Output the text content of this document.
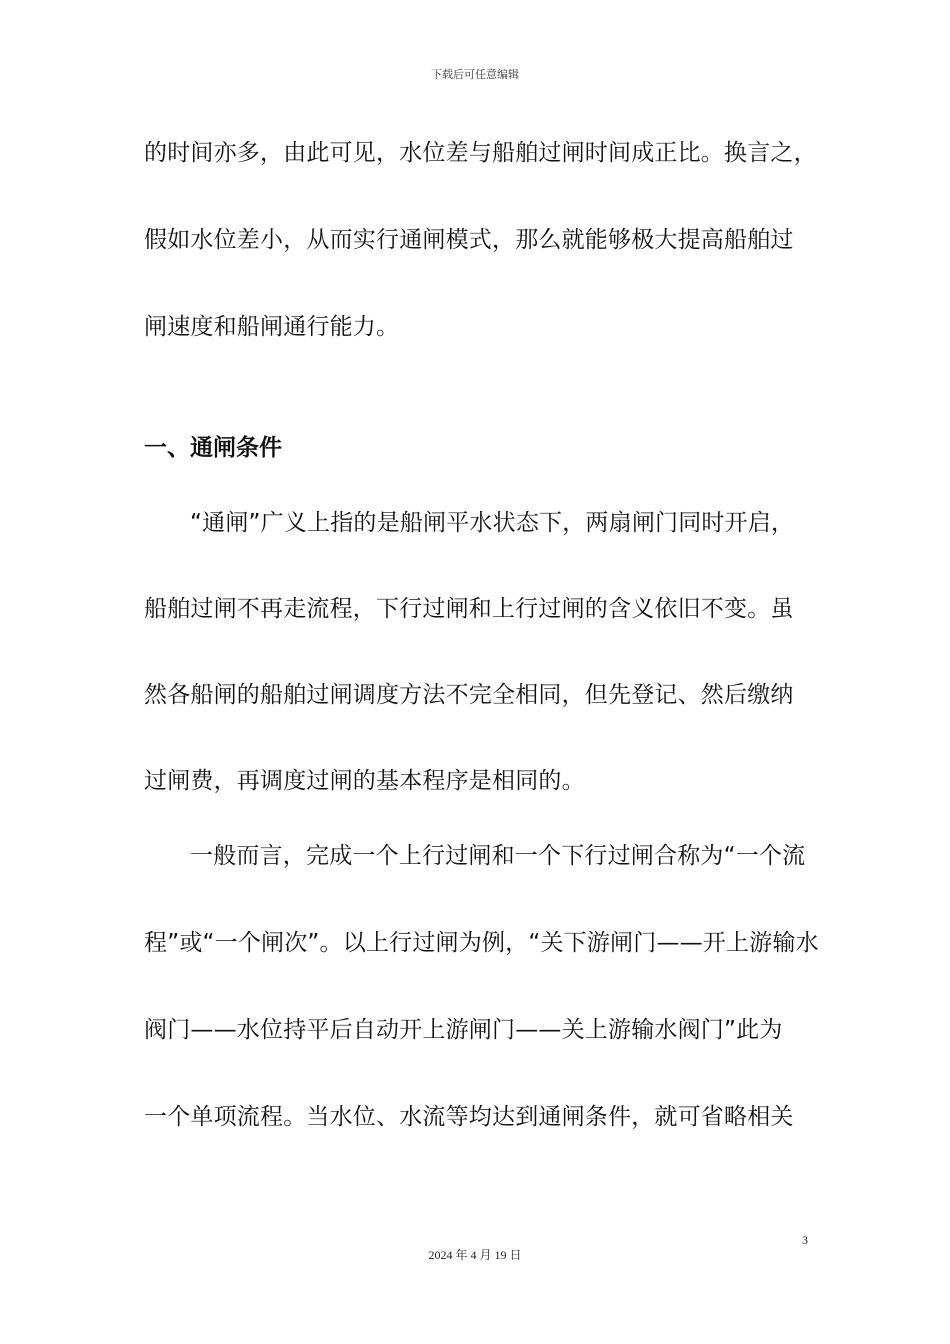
下载后可任意编辑
的时间亦多，由此可见，水位差与船舶过闸时间成正比。换言之，
假如水位差小，从而实行通闸模式，那么就能够极大提高船舶过
闸速度和船闸通行能力。
一、通闸条件
“通闸”广义上指的是船闸平水状态下，两扇闸门同时开启，
船舶过闸不再走流程，下行过闸和上行过闸的含义依旧不变。虽
然各船闸的船舶过闸调度方法不完全相同，但先登记、然后缴纳
过闸费，再调度过闸的基本程序是相同的。
一般而言，完成一个上行过闸和一个下行过闸合称为“一个流
程”或“一个闸次”。以上行过闸为例，“关下游闸门——开上游输水
阀门——水位持平后自动开上游闸门——关上游输水阀门”此为
一个单项流程。当水位、水流等均达到通闸条件，就可省略相关
3
2024 年 4 月 19 日
